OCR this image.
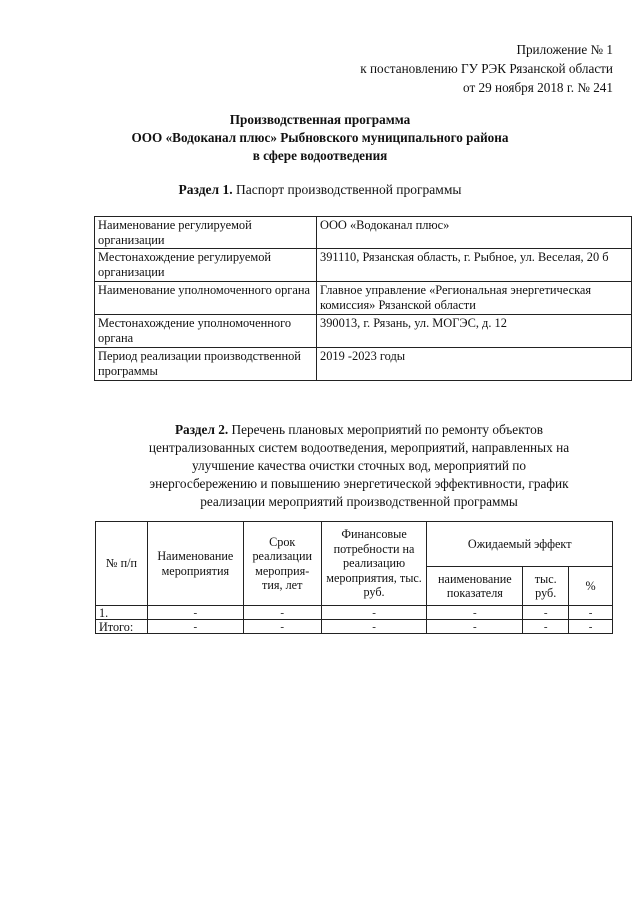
Приложение № 1
к постановлению ГУ РЭК Рязанской области
от 29 ноября 2018 г. № 241
Производственная программа
ООО «Водоканал плюс» Рыбновского муниципального района
в сфере водоотведения
Раздел 1. Паспорт производственной программы
Наименование регулируемой организации	ООО «Водоканал плюс»
Местонахождение регулируемой организации	391110, Рязанская область, г. Рыбное, ул. Веселая, 20 б
Наименование уполномоченного органа	Главное управление «Региональная энергетическая комиссия» Рязанской области
Местонахождение уполномоченного органа	390013, г. Рязань, ул. МОГЭС, д. 12
Период реализации производственной программы	2019 -2023 годы
Раздел 2. Перечень плановых мероприятий по ремонту объектов
централизованных систем водоотведения, мероприятий, направленных на
улучшение качества очистки сточных вод, мероприятий по
энергосбережению и повышению энергетической эффективности, график
реализации мероприятий производственной программы
№ п/п	Наименование мероприятия	Срок реализации мероприя-тия, лет	Финансовые потребности на реализацию мероприятия, тыс. руб.	Ожидаемый эффект		
				наименование показателя	тыс. руб.	%
1.	-	-	-	-	-	-
Итого:	-	-	-	-	-	-
